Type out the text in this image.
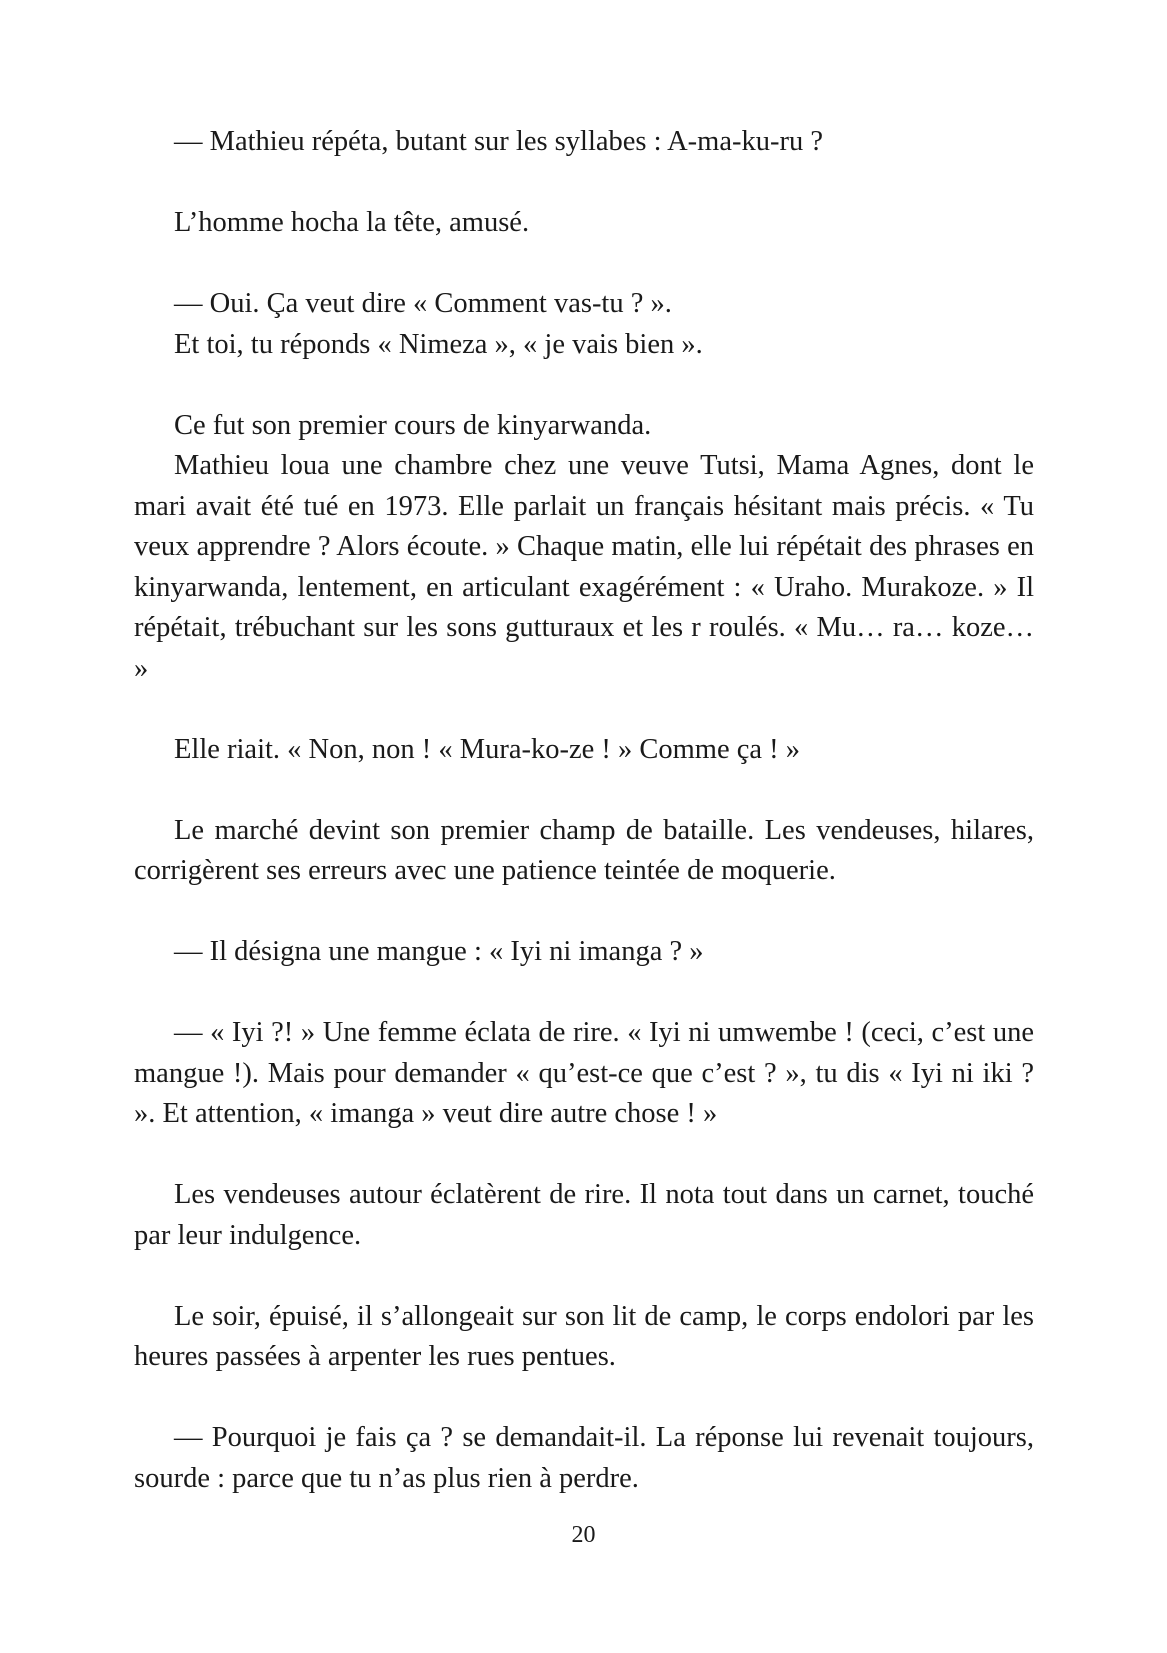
— Mathieu répéta, butant sur les syllabes : A-ma-ku-ru ?

L’homme hocha la tête, amusé.

— Oui. Ça veut dire « Comment vas-tu ? ».

Et toi, tu réponds « Nimeza », « je vais bien ».

Ce fut son premier cours de kinyarwanda.

Mathieu loua une chambre chez une veuve Tutsi, Mama Agnes, dont le mari avait été tué en 1973. Elle parlait un français hésitant mais précis. « Tu veux apprendre ? Alors écoute. » Chaque matin, elle lui répétait des phrases en kinyarwanda, lentement, en articulant exagérément : « Uraho. Murakoze. » Il répétait, trébuchant sur les sons gutturaux et les r roulés. « Mu… ra… koze… »

Elle riait. « Non, non ! « Mura-ko-ze ! » Comme ça ! »

Le marché devint son premier champ de bataille. Les vendeuses, hilares, corrigèrent ses erreurs avec une patience teintée de moquerie.

— Il désigna une mangue : « Iyi ni imanga ? »

— « Iyi ?! » Une femme éclata de rire. « Iyi ni umwembe ! (ceci, c’est une mangue !). Mais pour demander « qu’est-ce que c’est ? », tu dis « Iyi ni iki ? ». Et attention, « imanga » veut dire autre chose ! »

Les vendeuses autour éclatèrent de rire. Il nota tout dans un carnet, touché par leur indulgence.

Le soir, épuisé, il s’allongeait sur son lit de camp, le corps endolori par les heures passées à arpenter les rues pentues.

— Pourquoi je fais ça ? se demandait-il. La réponse lui revenait toujours, sourde : parce que tu n’as plus rien à perdre.

20
